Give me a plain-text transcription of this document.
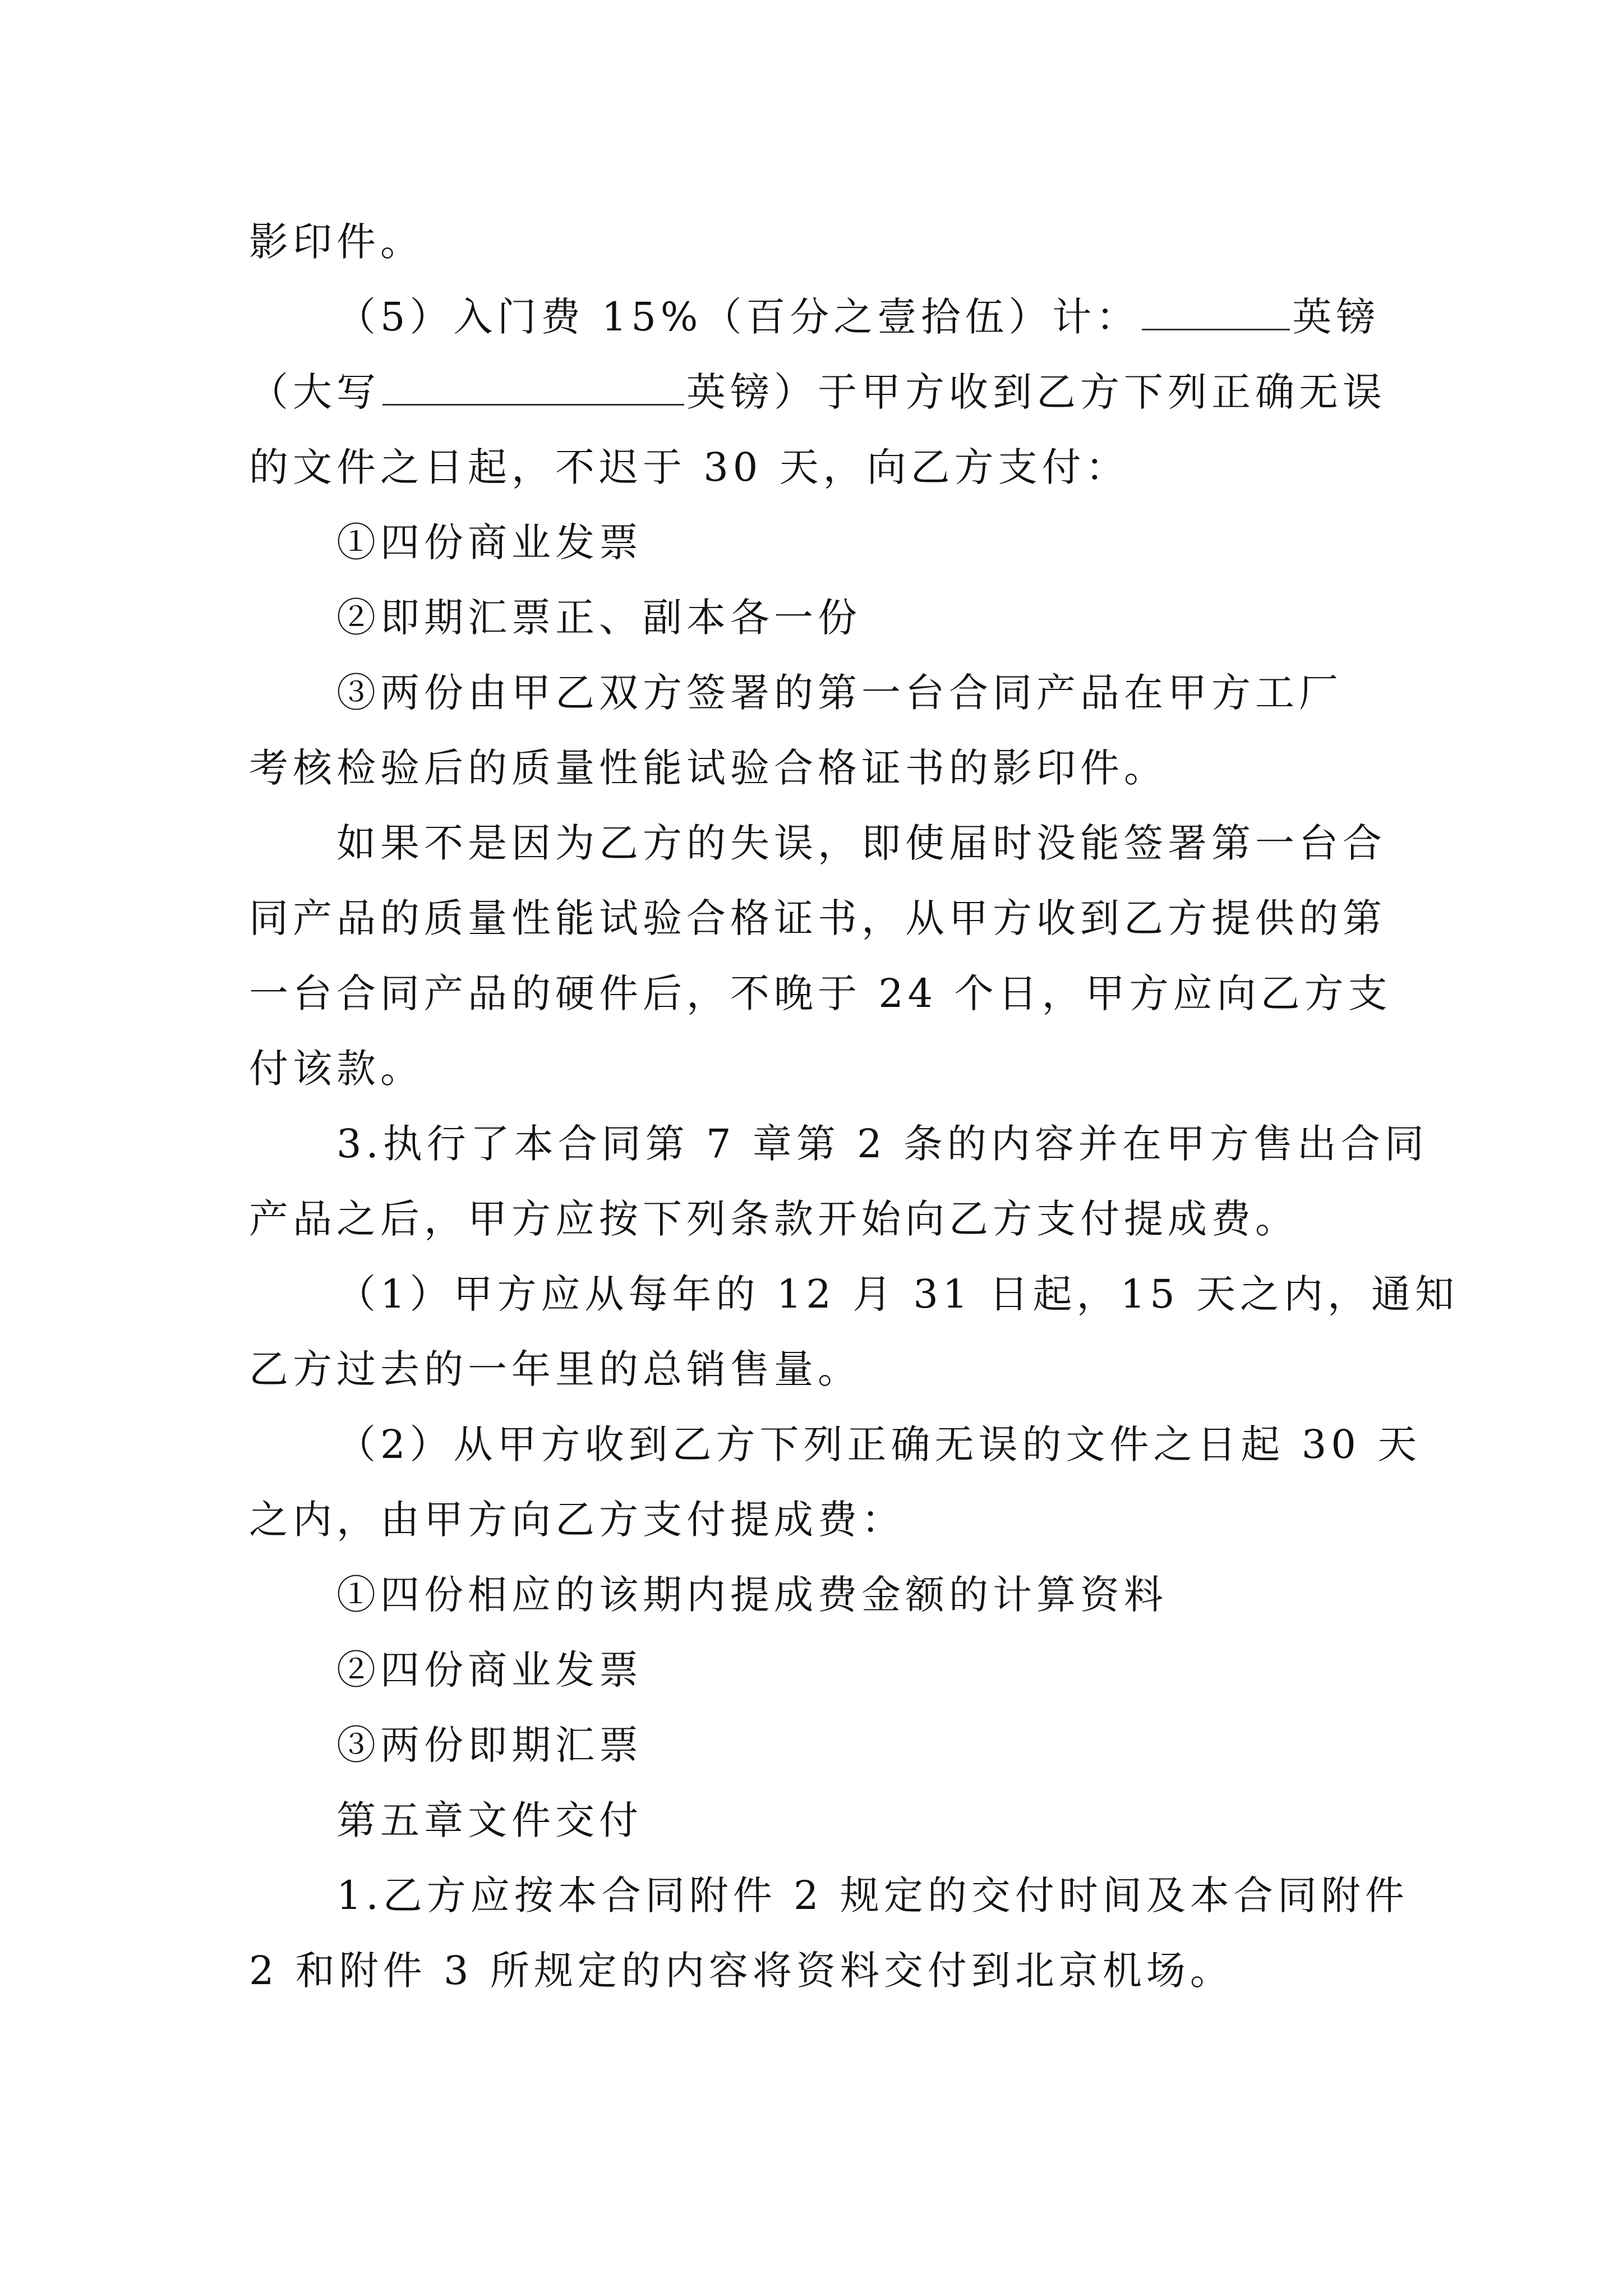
影印件。
（5）入门费 15%（百分之壹拾伍）计：	英镑
（大写	英镑）于甲方收到乙方下列正确无误
的文件之日起，不迟于 30 天，向乙方支付：
①四份商业发票
②即期汇票正、副本各一份
③两份由甲乙双方签署的第一台合同产品在甲方工厂
考核检验后的质量性能试验合格证书的影印件。
如果不是因为乙方的失误，即使届时没能签署第一台合
同产品的质量性能试验合格证书，从甲方收到乙方提供的第
一台合同产品的硬件后，不晚于 24 个日，甲方应向乙方支
付该款。
3.执行了本合同第 7 章第 2 条的内容并在甲方售出合同
产品之后，甲方应按下列条款开始向乙方支付提成费。
（1）甲方应从每年的 12 月 31 日起，15 天之内，通知
乙方过去的一年里的总销售量。
（2）从甲方收到乙方下列正确无误的文件之日起 30 天
之内，由甲方向乙方支付提成费：
①四份相应的该期内提成费金额的计算资料
②四份商业发票
③两份即期汇票
第五章文件交付
1.乙方应按本合同附件 2 规定的交付时间及本合同附件
2 和附件 3 所规定的内容将资料交付到北京机场。
